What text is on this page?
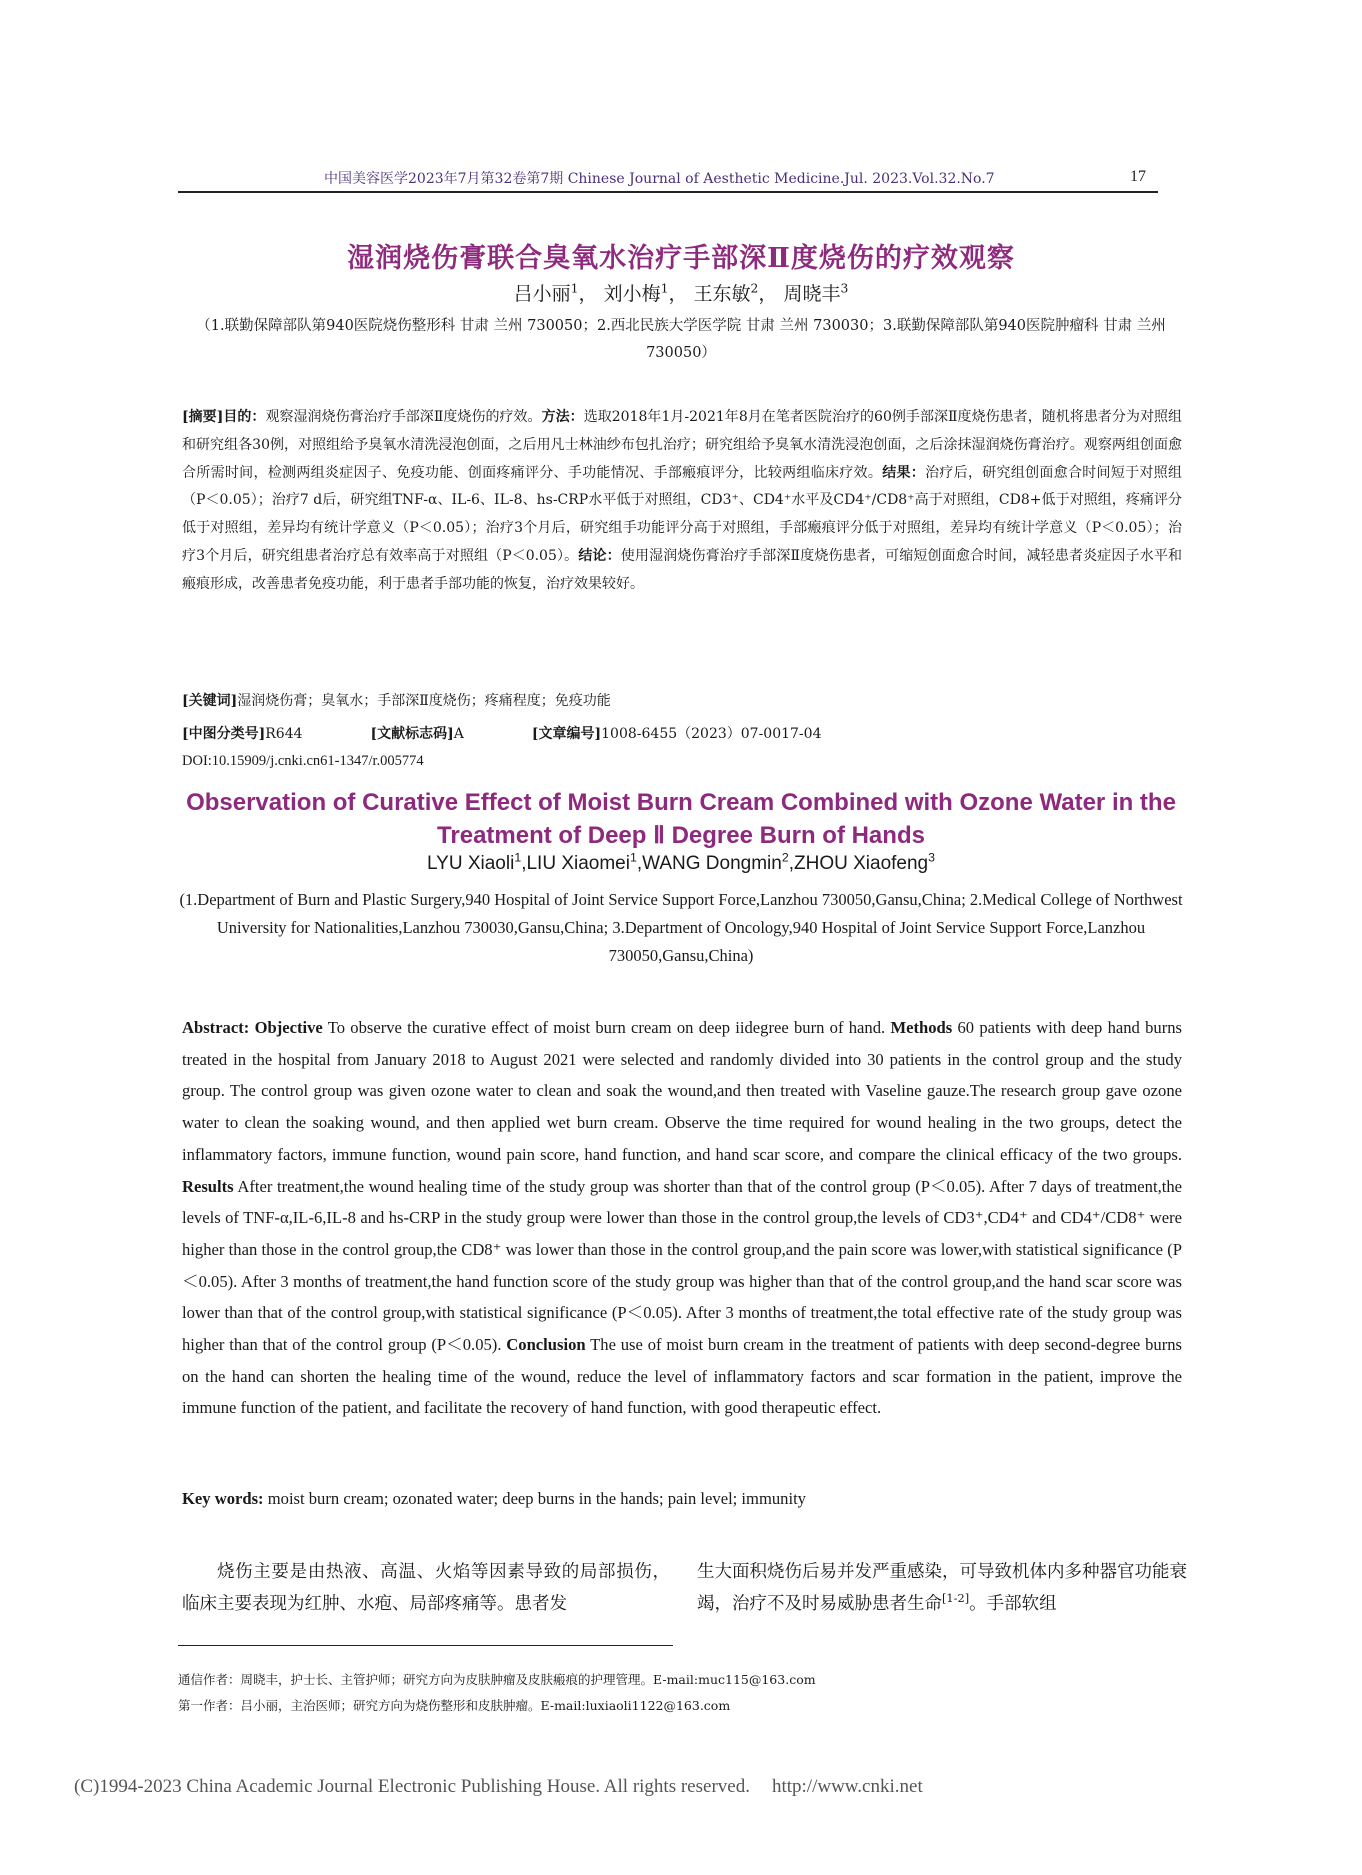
中国美容医学2023年7月第32卷第7期 Chinese Journal of Aesthetic Medicine.Jul. 2023.Vol.32.No.7	17
湿润烧伤膏联合臭氧水治疗手部深Ⅱ度烧伤的疗效观察
吕小丽$^1$， 刘小梅$^1$， 王东敏$^2$， 周晓丰$^3$
（1.联勤保障部队第940医院烧伤整形科 甘肃 兰州 730050；2.西北民族大学医学院 甘肃 兰州 730030；3.联勤保障部队第940医院肿瘤科 甘肃 兰州 730050）
[摘要]目的：观察湿润烧伤膏治疗手部深Ⅱ度烧伤的疗效。方法：选取2018年1月-2021年8月在笔者医院治疗的60例手部深Ⅱ度烧伤患者，随机将患者分为对照组和研究组各30例，对照组给予臭氧水清洗浸泡创面，之后用凡士林油纱布包扎治疗；研究组给予臭氧水清洗浸泡创面，之后涂抹湿润烧伤膏治疗。观察两组创面愈合所需时间，检测两组炎症因子、免疫功能、创面疼痛评分、手功能情况、手部瘢痕评分，比较两组临床疗效。结果：治疗后，研究组创面愈合时间短于对照组（P＜0.05）；治疗7 d后，研究组TNF-α、IL-6、IL-8、hs-CRP水平低于对照组，CD3⁺、CD4⁺水平及CD4⁺/CD8⁺高于对照组，CD8+低于对照组，疼痛评分低于对照组，差异均有统计学意义（P＜0.05）；治疗3个月后，研究组手功能评分高于对照组，手部瘢痕评分低于对照组，差异均有统计学意义（P＜0.05）；治疗3个月后，研究组患者治疗总有效率高于对照组（P＜0.05）。结论：使用湿润烧伤膏治疗手部深Ⅱ度烧伤患者，可缩短创面愈合时间，减轻患者炎症因子水平和瘢痕形成，改善患者免疫功能，利于患者手部功能的恢复，治疗效果较好。
[关键词]湿润烧伤膏；臭氧水；手部深Ⅱ度烧伤；疼痛程度；免疫功能
[中图分类号]R644	[文献标志码]A	[文章编号]1008-6455（2023）07-0017-04
DOI:10.15909/j.cnki.cn61-1347/r.005774
Observation of Curative Effect of Moist Burn Cream Combined with Ozone Water in the Treatment of Deep Ⅱ Degree Burn of Hands
LYU Xiaoli$^1$,LIU Xiaomei$^1$,WANG Dongmin$^2$,ZHOU Xiaofeng$^3$
(1.Department of Burn and Plastic Surgery,940 Hospital of Joint Service Support Force,Lanzhou 730050,Gansu,China; 2.Medical College of Northwest University for Nationalities,Lanzhou 730030,Gansu,China; 3.Department of Oncology,940 Hospital of Joint Service Support Force,Lanzhou 730050,Gansu,China)
Abstract: Objective To observe the curative effect of moist burn cream on deep iidegree burn of hand. Methods 60 patients with deep hand burns treated in the hospital from January 2018 to August 2021 were selected and randomly divided into 30 patients in the control group and the study group. The control group was given ozone water to clean and soak the wound,and then treated with Vaseline gauze.The research group gave ozone water to clean the soaking wound, and then applied wet burn cream. Observe the time required for wound healing in the two groups, detect the inflammatory factors, immune function, wound pain score, hand function, and hand scar score, and compare the clinical efficacy of the two groups. Results After treatment,the wound healing time of the study group was shorter than that of the control group (P＜0.05). After 7 days of treatment,the levels of TNF-α,IL-6,IL-8 and hs-CRP in the study group were lower than those in the control group,the levels of CD3⁺,CD4⁺ and CD4⁺/CD8⁺ were higher than those in the control group,the CD8⁺ was lower than those in the control group,and the pain score was lower,with statistical significance (P＜0.05). After 3 months of treatment,the hand function score of the study group was higher than that of the control group,and the hand scar score was lower than that of the control group,with statistical significance (P＜0.05). After 3 months of treatment,the total effective rate of the study group was higher than that of the control group (P＜0.05). Conclusion The use of moist burn cream in the treatment of patients with deep second-degree burns on the hand can shorten the healing time of the wound, reduce the level of inflammatory factors and scar formation in the patient, improve the immune function of the patient, and facilitate the recovery of hand function, with good therapeutic effect.
Key words: moist burn cream; ozonated water; deep burns in the hands; pain level; immunity
烧伤主要是由热液、高温、火焰等因素导致的局部损伤，临床主要表现为红肿、水疱、局部疼痛等。患者发
生大面积烧伤后易并发严重感染，可导致机体内多种器官功能衰竭，治疗不及时易威胁患者生命[1-2]。手部软组
通信作者：周晓丰，护士长、主管护师；研究方向为皮肤肿瘤及皮肤瘢痕的护理管理。E-mail:muc115@163.com
第一作者：吕小丽，主治医师；研究方向为烧伤整形和皮肤肿瘤。E-mail:luxiaoli1122@163.com
(C)1994-2023 China Academic Journal Electronic Publishing House. All rights reserved. http://www.cnki.net
